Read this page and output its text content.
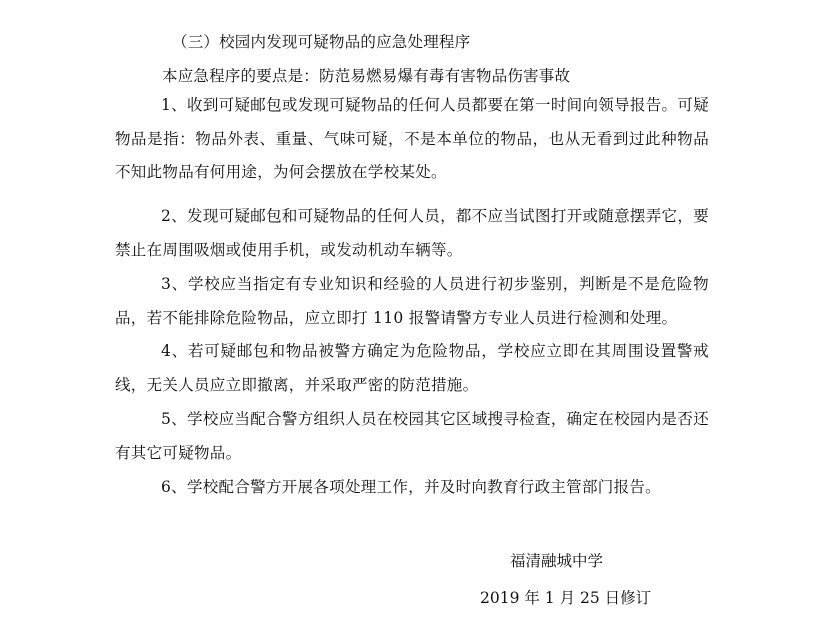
（三）校园内发现可疑物品的应急处理程序
本应急程序的要点是：防范易燃易爆有毒有害物品伤害事故
1、收到可疑邮包或发现可疑物品的任何人员都要在第一时间向领导报告。可疑物品是指：物品外表、重量、气味可疑，不是本单位的物品，也从无看到过此种物品不知此物品有何用途，为何会摆放在学校某处。
2、发现可疑邮包和可疑物品的任何人员，都不应当试图打开或随意摆弄它，要禁止在周围吸烟或使用手机，或发动机动车辆等。
3、学校应当指定有专业知识和经验的人员进行初步鉴别，判断是不是危险物品，若不能排除危险物品，应立即打 110 报警请警方专业人员进行检测和处理。
4、若可疑邮包和物品被警方确定为危险物品，学校应立即在其周围设置警戒线，无关人员应立即撤离，并采取严密的防范措施。
5、学校应当配合警方组织人员在校园其它区域搜寻检查，确定在校园内是否还有其它可疑物品。
6、学校配合警方开展各项处理工作，并及时向教育行政主管部门报告。
福清融城中学
2019 年 1 月 25 日修订
